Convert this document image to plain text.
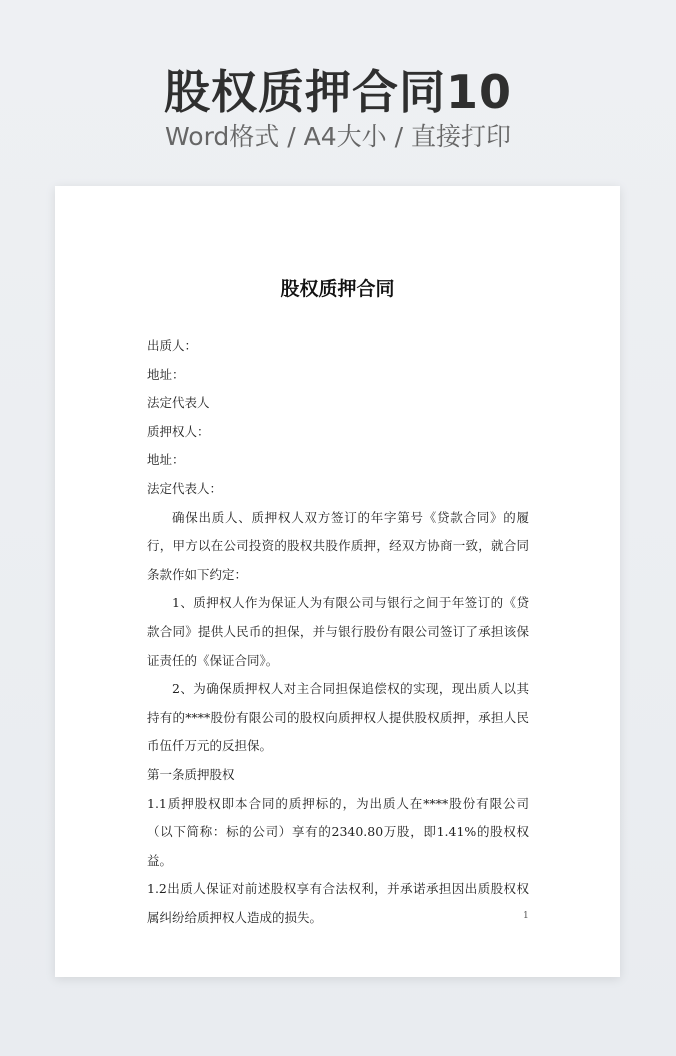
股权质押合同10
Word格式 / A4大小 / 直接打印
股权质押合同

出质人：

地址：

法定代表人

质押权人：

地址：

法定代表人：

确保出质人、质押权人双方签订的年字第号《贷款合同》的履行，甲方以在公司投资的股权共股作质押，经双方协商一致，就合同条款作如下约定：

1、质押权人作为保证人为有限公司与银行之间于年签订的《贷款合同》提供人民币的担保，并与银行股份有限公司签订了承担该保证责任的《保证合同》。

2、为确保质押权人对主合同担保追偿权的实现，现出质人以其持有的****股份有限公司的股权向质押权人提供股权质押，承担人民币伍仟万元的反担保。

第一条质押股权

1.1质押股权即本合同的质押标的，为出质人在****股份有限公司（以下简称：标的公司）享有的2340.80万股，即1.41%的股权权益。

1.2出质人保证对前述股权享有合法权利，并承诺承担因出质股权权属纠纷给质押权人造成的损失。	1
